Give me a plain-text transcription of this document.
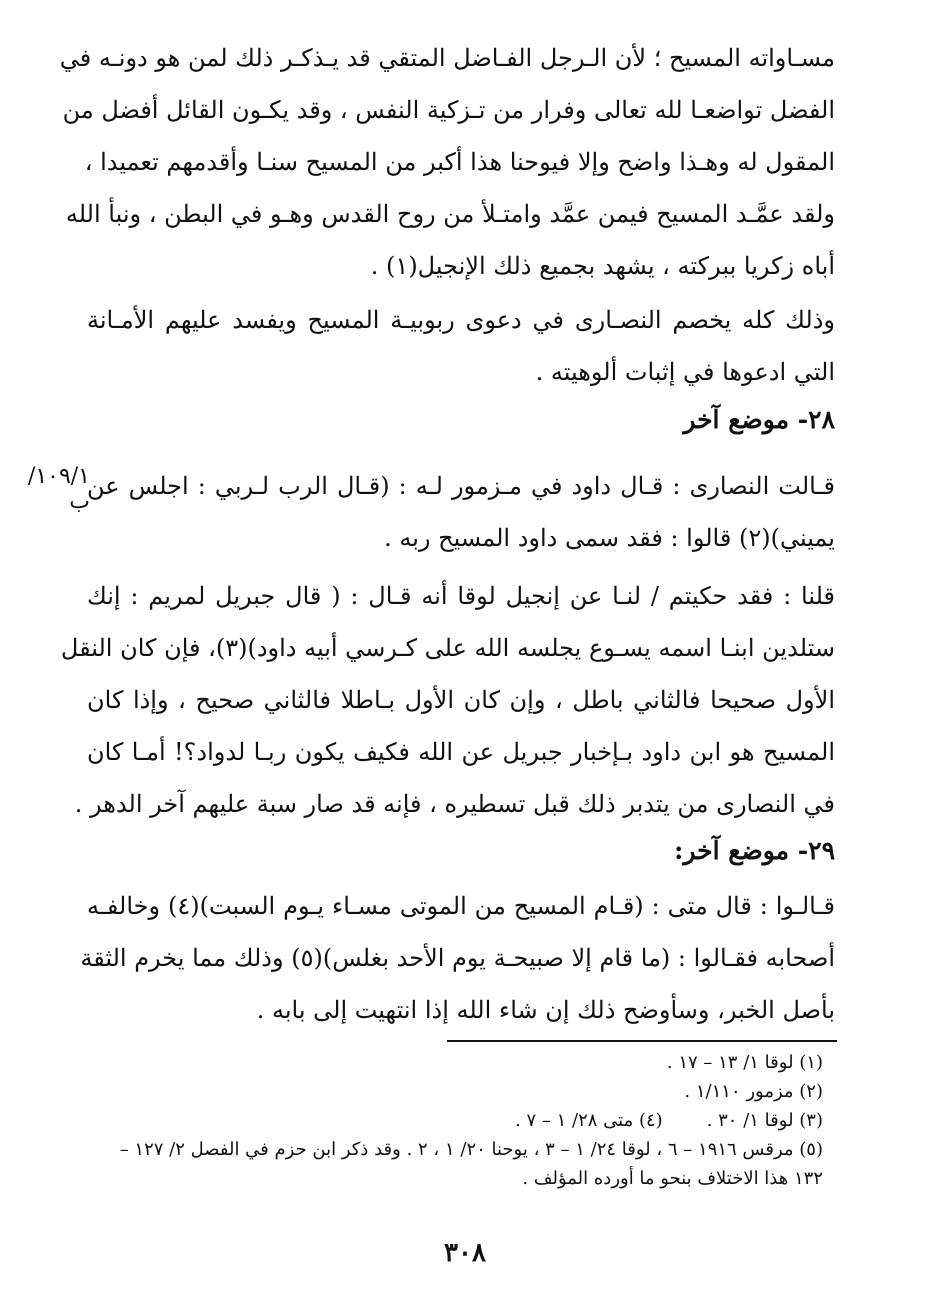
مسـاواته المسيح ؛ لأن الـرجل الفـاضل المتقي قد يـذكـر ذلك لمن هو دونـه في
الفضل تواضعـا لله تعالى وفرار من تـزكية النفس ، وقد يكـون القائل أفضل من
المقول له وهـذا واضح وإلا فيوحنا هذا أكبر من المسيح سنـا وأقدمهم تعميدا ،
ولقد عمَّـد المسيح فيمن عمَّد وامتـلأ من روح القدس وهـو في البطن ، ونبأ الله
أباه زكريا ببركته ، يشهد بجميع ذلك الإنجيل(١) .

وذلك كله يخصم النصـارى في دعوى ربوبيـة المسيح ويفسد عليهم الأمـانة
التي ادعوها في إثبات ألوهيته .

٢٨- موضع آخر
١٠٩/١/ب

قـالت النصارى : قـال داود في مـزمور لـه : (قـال الرب لـربي : اجلس عن
يميني)(٢) قالوا : فقد سمى داود المسيح ربه .

قلنا : فقد حكيتم / لنـا عن إنجيل لوقا أنه قـال : ( قال جبريل لمريم : إنك
ستلدين ابنـا اسمه يسـوع يجلسه الله على كـرسي أبيه داود)(٣)، فإن كان النقل
الأول صحيحا فالثاني باطل ، وإن كان الأول بـاطلا فالثاني صحيح ، وإذا كان
المسيح هو ابن داود بـإخبار جبريل عن الله فكيف يكون ربـا لدواد؟! أمـا كان
في النصارى من يتدبر ذلك قبل تسطيره ، فإنه قد صار سبة عليهم آخر الدهر .

٢٩- موضع آخر:

قـالـوا : قال متى : (قـام المسيح من الموتى مسـاء يـوم السبت)(٤) وخالفـه
أصحابه فقـالوا : (ما قام إلا صبيحـة يوم الأحد بغلس)(٥) وذلك مما يخرم الثقة
بأصل الخبر، وسأوضح ذلك إن شاء الله إذا انتهيت إلى بابه .

(١) لوقا ١/ ١٣ – ١٧ .
(٢) مزمور ١/١١٠ .
(٣) لوقا ١/ ٣٠ .
(٤) متى ٢٨/ ١ – ٧ .
(٥) مرقس ١٩١٦ – ٦ ، لوقا ٢٤/ ١ – ٣ ، يوحنا ٢٠/ ١ ، ٢ . وقد ذكر ابن حزم في الفصل ٢/ ١٢٧ –
١٣٢ هذا الاختلاف بنحو ما أورده المؤلف .
٣٠٨
